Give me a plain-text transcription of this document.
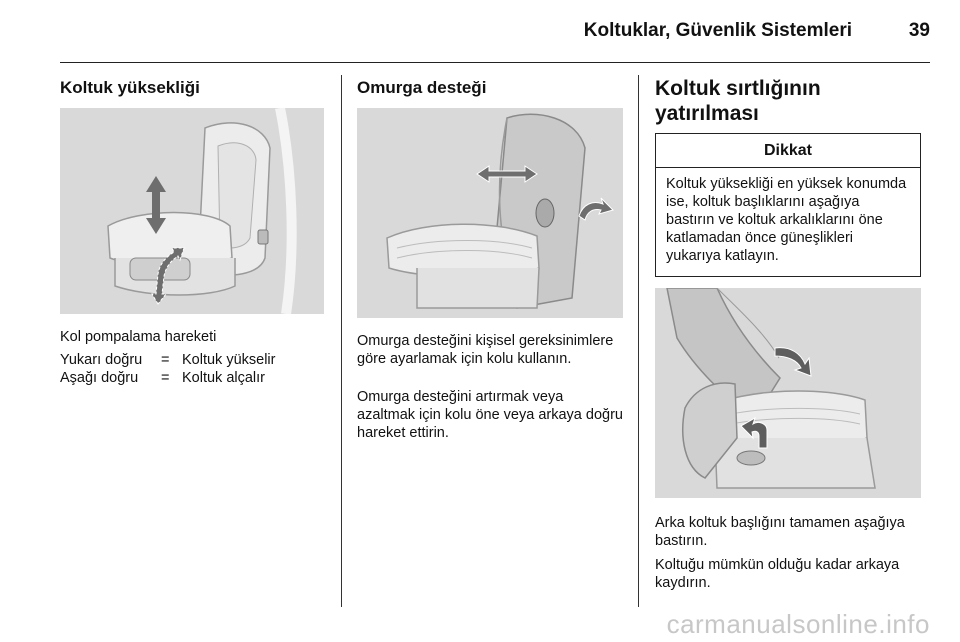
Koltuklar, Güvenlik Sistemleri	39
Koltuk yüksekliği

Kol pompalama hareketi

Yukarı doğru = Koltuk yükselir
Aşağı doğru = Koltuk alçalır
Omurga desteği

Omurga desteğini kişisel gereksinimlere göre ayarlamak için kolu kullanın.

Omurga desteğini artırmak veya azaltmak için kolu öne veya arkaya doğru hareket ettirin.

Koltuk sırtlığının yatırılması
Dikkat
Koltuk yüksekliği en yüksek konumda ise, koltuk başlıklarını aşağıya bastırın ve koltuk arkalıklarını öne katlamadan önce güneşlikleri yukarıya katlayın.

Arka koltuk başlığını tamamen aşağıya bastırın.

Koltuğu mümkün olduğu kadar arkaya kaydırın.

carmanualsonline.info
